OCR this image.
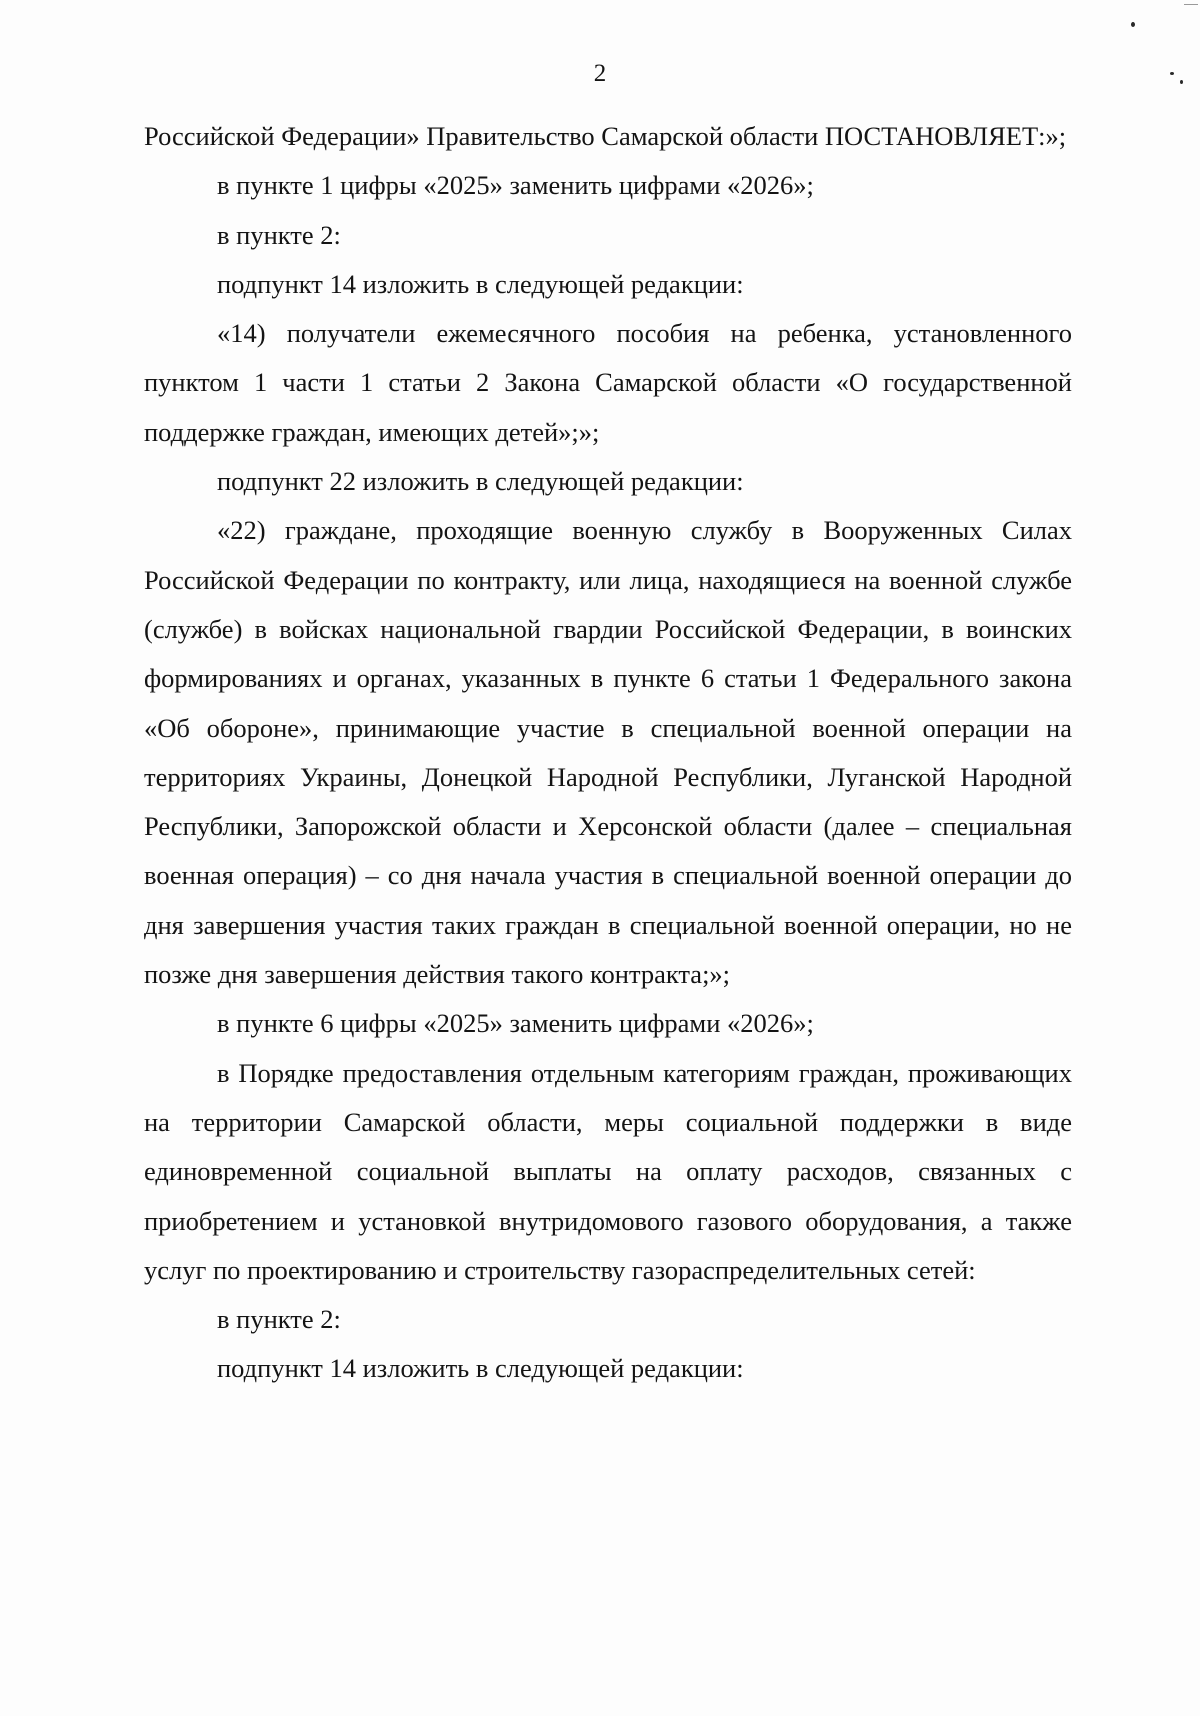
2

Российской Федерации» Правительство Самарской области ПОСТАНОВЛЯЕТ:»;

в пункте 1 цифры «2025» заменить цифрами «2026»;

в пункте 2:

подпункт 14 изложить в следующей редакции:

«14) получатели ежемесячного пособия на ребенка, установленного пунктом 1 части 1 статьи 2 Закона Самарской области «О государственной поддержке граждан, имеющих детей»;»;

подпункт 22 изложить в следующей редакции:

«22) граждане, проходящие военную службу в Вооруженных Силах Российской Федерации по контракту, или лица, находящиеся на военной службе (службе) в войсках национальной гвардии Российской Федерации, в воинских формированиях и органах, указанных в пункте 6 статьи 1 Федерального закона «Об обороне», принимающие участие в специальной военной операции на территориях Украины, Донецкой Народной Республики, Луганской Народной Республики, Запорожской области и Херсонской области (далее – специальная военная операция) – со дня начала участия в специальной военной операции до дня завершения участия таких граждан в специальной военной операции, но не позже дня завершения действия такого контракта;»;

в пункте 6 цифры «2025» заменить цифрами «2026»;

в Порядке предоставления отдельным категориям граждан, проживающих на территории Самарской области, меры социальной поддержки в виде единовременной социальной выплаты на оплату расходов, связанных с приобретением и установкой внутридомового газового оборудования, а также услуг по проектированию и строительству газораспределительных сетей:

в пункте 2:

подпункт 14 изложить в следующей редакции:
